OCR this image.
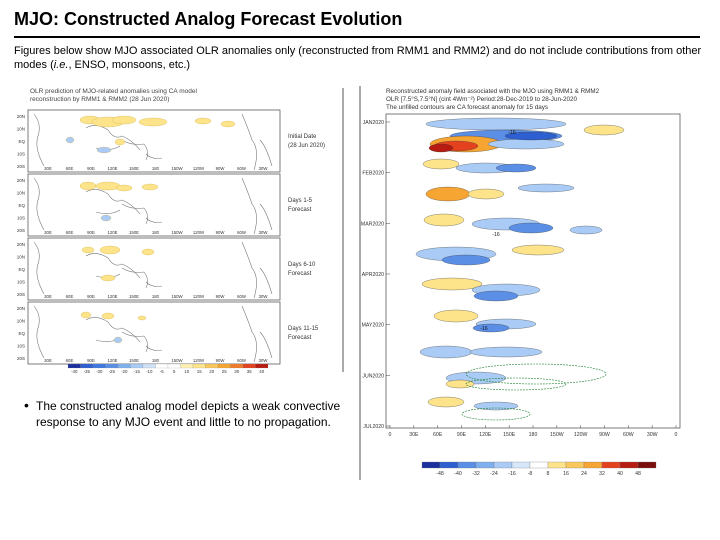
MJO: Constructed Analog Forecast Evolution

Figures below show MJO associated OLR anomalies only (reconstructed from RMM1 and RMM2) and do not include contributions from other modes (i.e., ENSO, monsoons, etc.)

OLR prediction of MJO-related anomalies using CA model
reconstruction by RMM1 & RMM2 (28 Jun 2020)
20N
10N
EQ
10S
20S	30E	60E	90E	120E	150E	180	150W 120W	90W	60W	30W
Initial Date
(28 Jun 2020)
20N
10N
EQ
10S
20S	30E	60E	90E	120E	150E	180	150W 120W	90W	60W	30W
Days 1-5
Forecast
20N
10N
EQ
10S
20S	30E	60E	90E	120E	150E	180	150W 120W	90W	60W	30W
Days 6-10
Forecast
20N
10N
EQ
10S
20S	30E	60E	90E	120E	150E	180	150W 120W	90W	60W	30W
Days 11-15
Forecast
-40 -35 -30 -25 -20 -15 -10 -5 5 10 15 20 25 30 35 40
• The constructed analog model depicts a weak convective response to any MJO event and little to no propagation.
Reconstructed anomaly field associated with the MJO using RMM1 & RMM2
OLR [7.5°S,7.5°N] (cint 4Wm⁻²) Period:28-Dec-2019 to 28-Jun-2020
The unfilled contours are CA forecast anomaly for 15 days
JAN2020
FEB2020
MAR2020
APR2020
MAY2020
JUN2020
JUL2020
0	30E	60E	90E	120E 150E	180 150W 120W 90W	60W	30W	0
-16
-16
-16
-48 -40 -32 -24 -16 -8	8	16 24 32 40 48
